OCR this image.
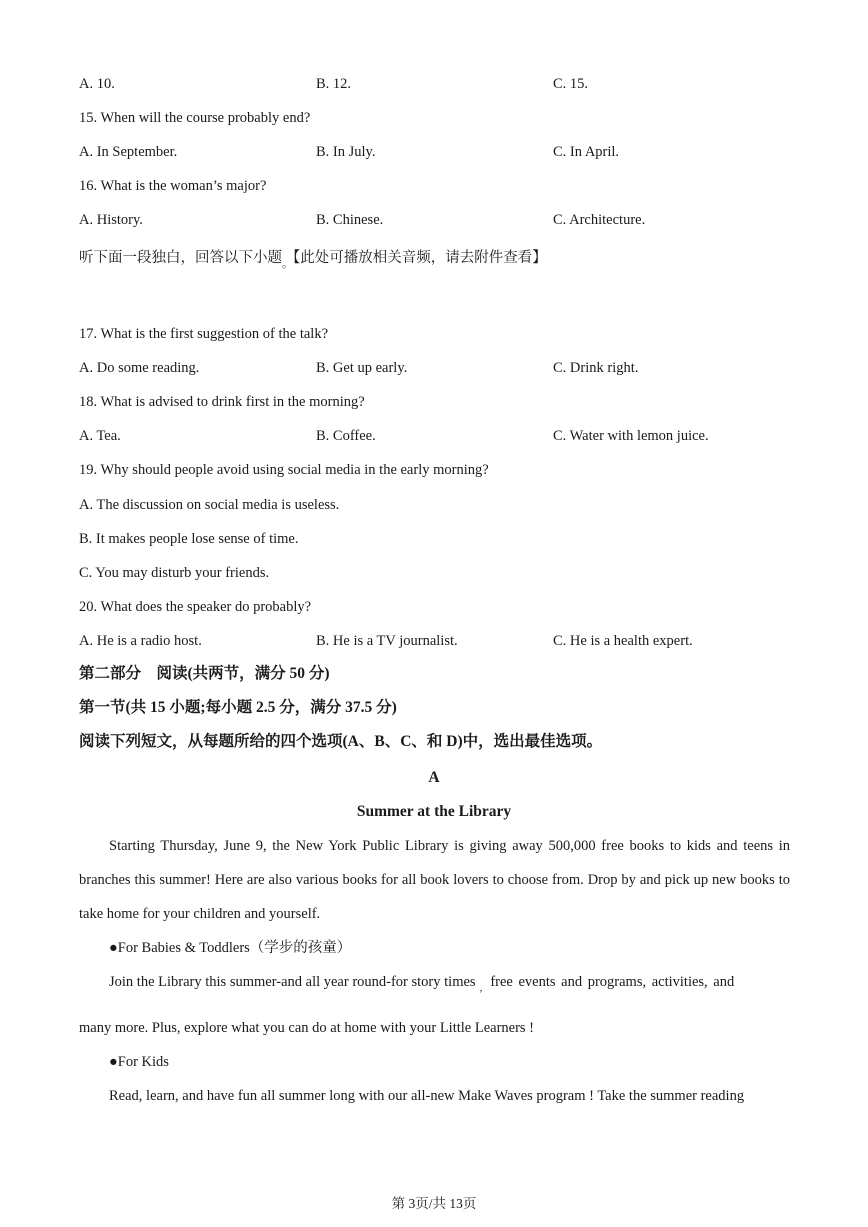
A. 10.	B. 12.	C. 15.
15. When will the course probably end?
A. In September.	B. In July.	C. In April.
16. What is the woman’s major?
A. History.	B. Chinese.	C. Architecture.
听下面一段独白，回答以下小题$_。$【此处可播放相关音频，请去附件查看】
17. What is the first suggestion of the talk?
A. Do some reading.	B. Get up early.	C. Drink right.
18. What is advised to drink first in the morning?
A. Tea.	B. Coffee.	C. Water with lemon juice.
19. Why should people avoid using social media in the early morning?
A. The discussion on social media is useless.
B. It makes people lose sense of time.
C. You may disturb your friends.
20. What does the speaker do probably?
A. He is a radio host.	B. He is a TV journalist.	C. He is a health expert.
第二部分　阅读(共两节，满分 50 分)
第一节(共 15 小题;每小题 2.5 分，满分 37.5 分)
阅读下列短文，从每题所给的四个选项(A、B、C、和 D)中，选出最佳选项。
A
Summer at the Library
Starting Thursday, June 9, the New York Public Library is giving away 500,000 free books to kids and teens in branches this summer! Here are also various books for all book lovers to choose from. Drop by and pick up new books to take home for your children and yourself.
●For Babies & Toddlers（学步的孩童）
Join the Library this summer-and all year round-for story times $_,$ free events and programs, activities, and
many more. Plus, explore what you can do at home with your Little Learners !
●For Kids
Read, learn, and have fun all summer long with our all-new Make Waves program ! Take the summer reading
第 3页/共 13页
